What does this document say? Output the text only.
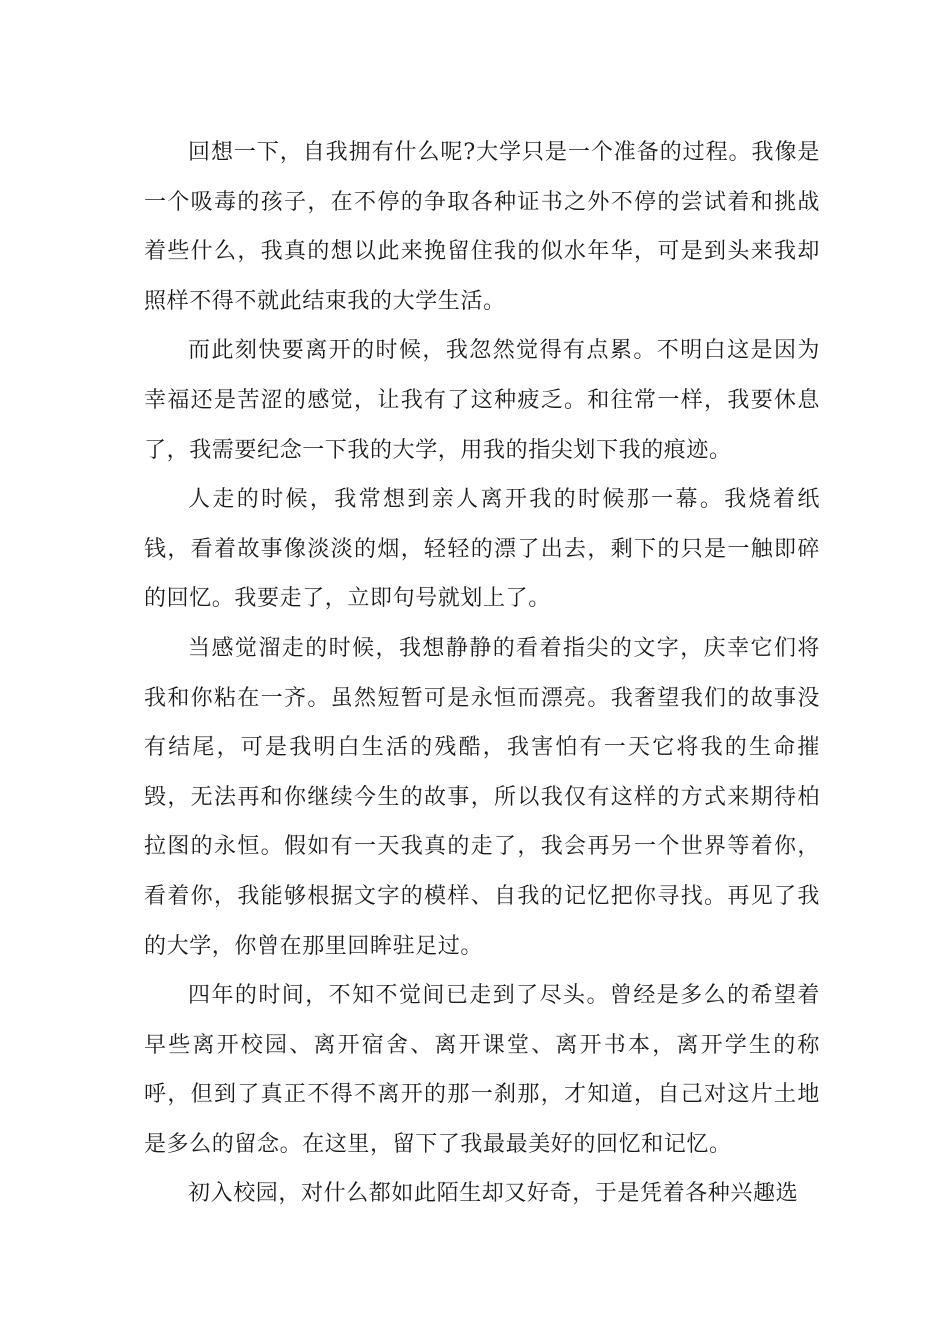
回想一下，自我拥有什么呢?大学只是一个准备的过程。我像是一个吸毒的孩子，在不停的争取各种证书之外不停的尝试着和挑战着些什么，我真的想以此来挽留住我的似水年华，可是到头来我却照样不得不就此结束我的大学生活。

而此刻快要离开的时候，我忽然觉得有点累。不明白这是因为幸福还是苦涩的感觉，让我有了这种疲乏。和往常一样，我要休息了，我需要纪念一下我的大学，用我的指尖划下我的痕迹。

人走的时候，我常想到亲人离开我的时候那一幕。我烧着纸钱，看着故事像淡淡的烟，轻轻的漂了出去，剩下的只是一触即碎的回忆。我要走了，立即句号就划上了。

当感觉溜走的时候，我想静静的看着指尖的文字，庆幸它们将我和你粘在一齐。虽然短暂可是永恒而漂亮。我奢望我们的故事没有结尾，可是我明白生活的残酷，我害怕有一天它将我的生命摧毁，无法再和你继续今生的故事，所以我仅有这样的方式来期待柏拉图的永恒。假如有一天我真的走了，我会再另一个世界等着你，看着你，我能够根据文字的模样、自我的记忆把你寻找。再见了我的大学，你曾在那里回眸驻足过。

四年的时间，不知不觉间已走到了尽头。曾经是多么的希望着早些离开校园、离开宿舍、离开课堂、离开书本，离开学生的称呼，但到了真正不得不离开的那一刹那，才知道，自己对这片土地是多么的留念。在这里，留下了我最最美好的回忆和记忆。

初入校园，对什么都如此陌生却又好奇，于是凭着各种兴趣选
